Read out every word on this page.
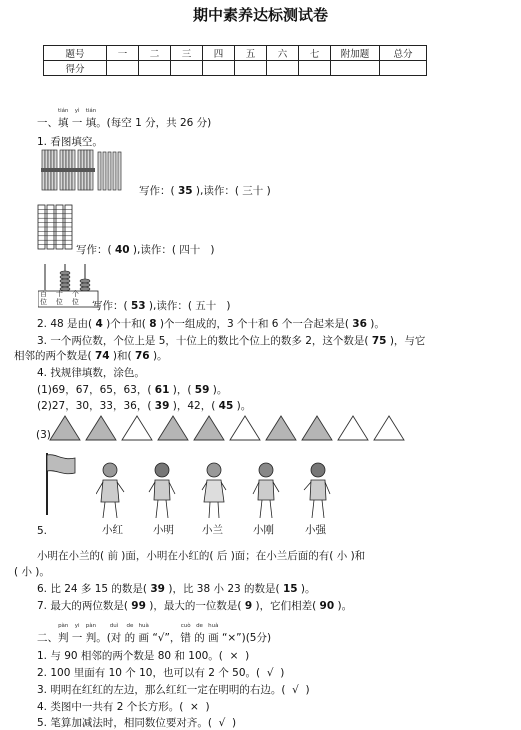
期中素养达标测试卷
题号	一	二	三	四	五	六	七	附加题	总分
得分									
一、
tián
填
yì
一
tián
填。(每空 1 分，共 26 分)
1. 看图填空。
写作：( 35 ),读作：( 三十 )
写作：( 40 ),读作：( 四十 )
百 十 个
位 位 位 写作：( 53 ),读作：( 五十 )
2. 48 是由( 4 )个十和( 8 )个一组成的，3 个十和 6 个一合起来是( 36 )。
3. 一个两位数，个位上是 5，十位上的数比个位上的数多 2，这个数是( 75 )，与它
相邻的两个数是( 74 )和( 76 )。
4. 找规律填数，涂色。
(1)69，67，65，63，( 61 )，( 59 )。
(2)27，30，33，36，( 39 )，42，( 45 )。
(3)
5.	小红	小明	小兰	小刚	小强
小明在小兰的( 前 )面，小明在小红的( 后 )面；在小兰后面的有( 小 )和
( 小 )。
6. 比 24 多 15 的数是( 39 )，比 38 小 23 的数是( 15 )。
7. 最大的两位数是( 99 )，最大的一位数是( 9 )，它们相差( 90 )。
二、
pàn
判
yi
一
pàn
判。
duì
(对
de
的
huà
画 “√”，
cuò
错
de
的
huà
画 “×”)(5分)
1. 与 90 相邻的两个数是 80 和 100。( × )
2. 100 里面有 10 个 10，也可以有 2 个 50。( √ )
3. 明明在红红的左边，那么红红一定在明明的右边。( √ )
4. 类图中一共有 2 个长方形。( × )
5. 笔算加减法时，相同数位要对齐。( √ )
